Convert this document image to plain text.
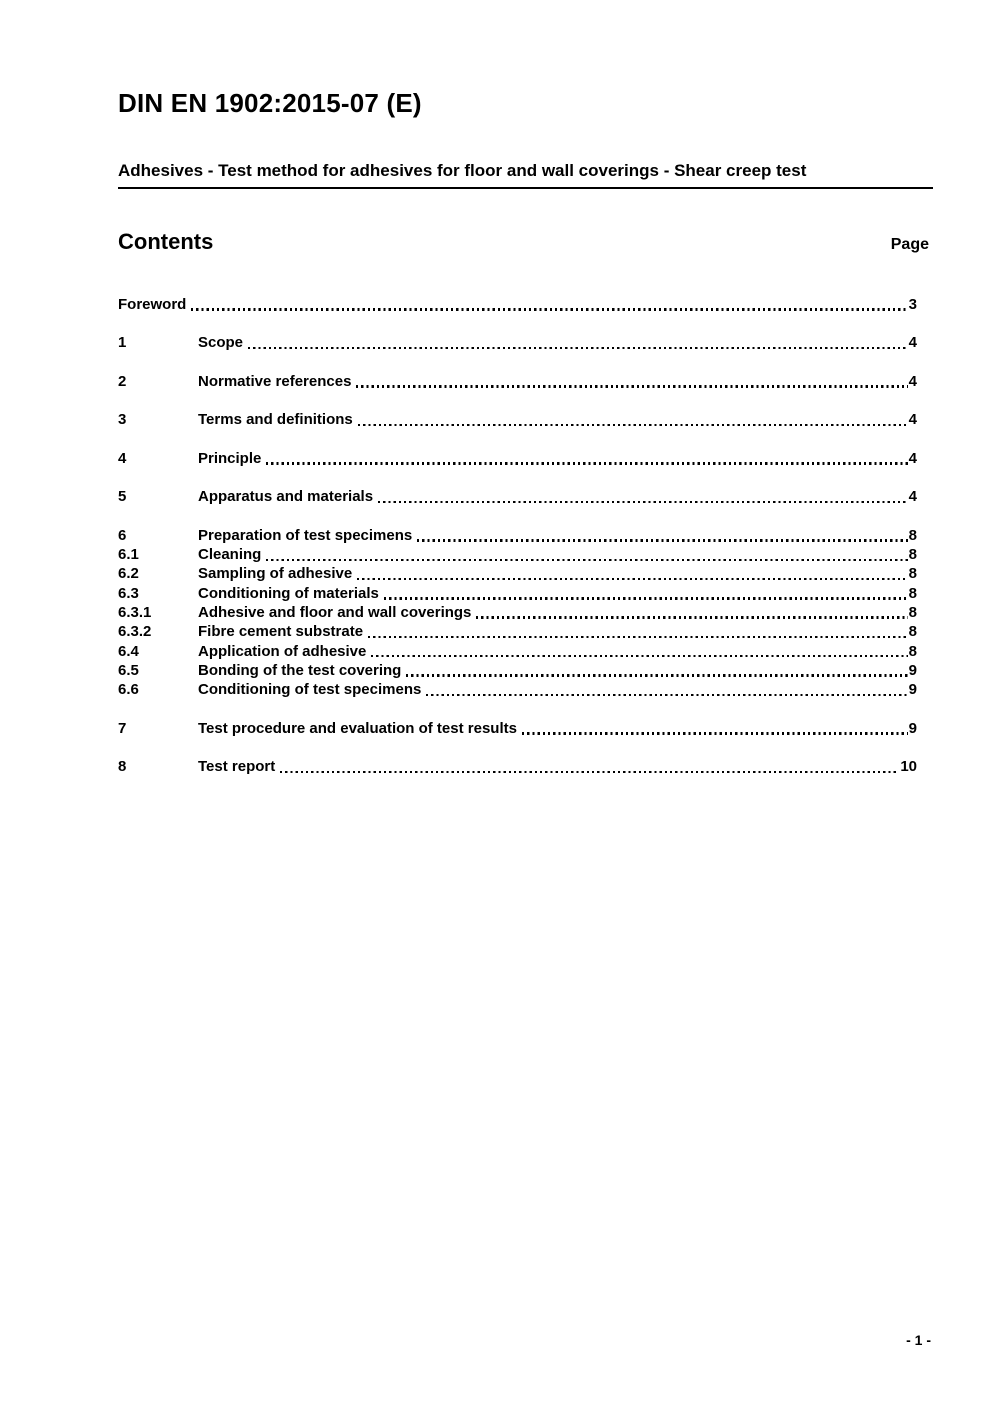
DIN EN 1902:2015-07 (E)
Adhesives - Test method for adhesives for floor and wall coverings - Shear creep test
Contents	Page
Foreword	3
1	Scope	4
2	Normative references	4
3	Terms and definitions	4
4	Principle	4
5	Apparatus and materials	4
6	Preparation of test specimens	8
6.1	Cleaning	8
6.2	Sampling of adhesive	8
6.3	Conditioning of materials	8
6.3.1	Adhesive and floor and wall coverings	8
6.3.2	Fibre cement substrate	8
6.4	Application of adhesive	8
6.5	Bonding of the test covering	9
6.6	Conditioning of test specimens	9
7	Test procedure and evaluation of test results	9
8	Test report	10
- 1 -
